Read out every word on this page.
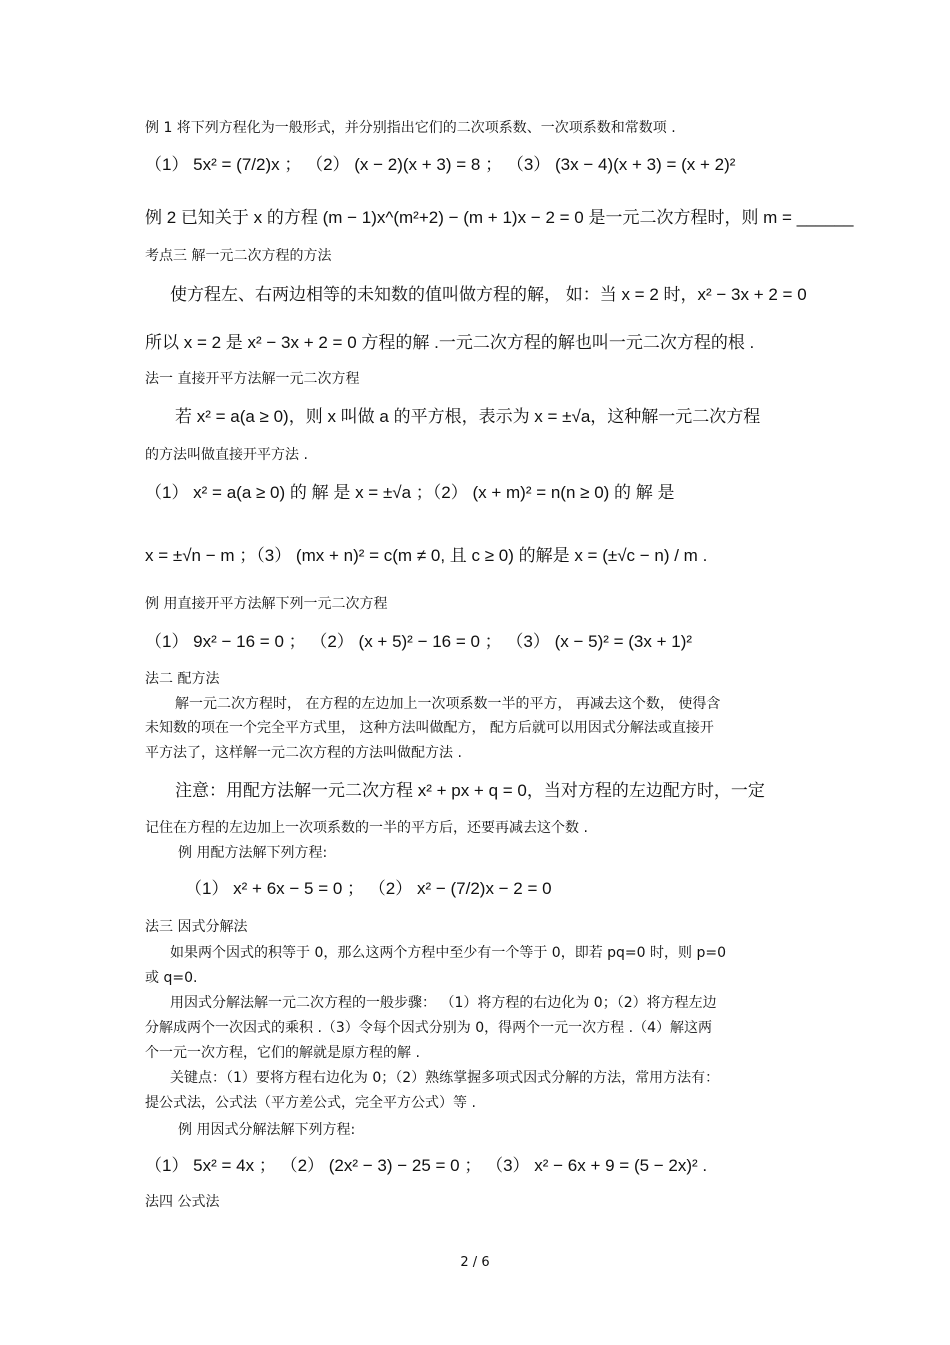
例 1 将下列方程化为一般形式，并分别指出它们的二次项系数、一次项系数和常数项 .
（1） 5x² = (7/2)x ； （2） (x − 2)(x + 3) = 8 ； （3） (3x − 4)(x + 3) = (x + 2)²
例 2 已知关于 x 的方程 (m − 1)x^(m²+2) − (m + 1)x − 2 = 0 是一元二次方程时，则 m = ______
考点三 解一元二次方程的方法
使方程左、右两边相等的未知数的值叫做方程的解， 如：当 x = 2 时，x² − 3x + 2 = 0
所以 x = 2 是 x² − 3x + 2 = 0 方程的解 .一元二次方程的解也叫一元二次方程的根 .
法一 直接开平方法解一元二次方程
若 x² = a(a ≥ 0)，则 x 叫做 a 的平方根，表示为 x = ±√a，这种解一元二次方程
的方法叫做直接开平方法 .
（1） x² = a(a ≥ 0) 的 解 是 x = ±√a ；（2） (x + m)² = n(n ≥ 0) 的 解 是
x = ±√n − m ；（3） (mx + n)² = c(m ≠ 0, 且 c ≥ 0) 的解是 x = (±√c − n) / m .
例 用直接开平方法解下列一元二次方程
（1） 9x² − 16 = 0 ； （2） (x + 5)² − 16 = 0 ； （3） (x − 5)² = (3x + 1)²
法二 配方法
解一元二次方程时， 在方程的左边加上一次项系数一半的平方， 再减去这个数， 使得含
未知数的项在一个完全平方式里， 这种方法叫做配方， 配方后就可以用因式分解法或直接开
平方法了，这样解一元二次方程的方法叫做配方法 .
注意：用配方法解一元二次方程 x² + px + q = 0，当对方程的左边配方时，一定
记住在方程的左边加上一次项系数的一半的平方后，还要再减去这个数 .
例 用配方法解下列方程:
（1） x² + 6x − 5 = 0 ； （2） x² − (7/2)x − 2 = 0
法三 因式分解法
如果两个因式的积等于 0，那么这两个方程中至少有一个等于 0，即若 pq=0 时，则 p=0
或 q=0.
用因式分解法解一元二次方程的一般步骤： （1）将方程的右边化为 0；（2）将方程左边
分解成两个一次因式的乘积 .（3）令每个因式分别为 0，得两个一元一次方程 .（4）解这两
个一元一次方程，它们的解就是原方程的解 .
关键点：（1）要将方程右边化为 0；（2）熟练掌握多项式因式分解的方法，常用方法有：
提公式法，公式法（平方差公式，完全平方公式）等 .
例 用因式分解法解下列方程:
（1） 5x² = 4x ； （2） (2x² − 3) − 25 = 0 ； （3） x² − 6x + 9 = (5 − 2x)² .
法四 公式法
2 / 6
